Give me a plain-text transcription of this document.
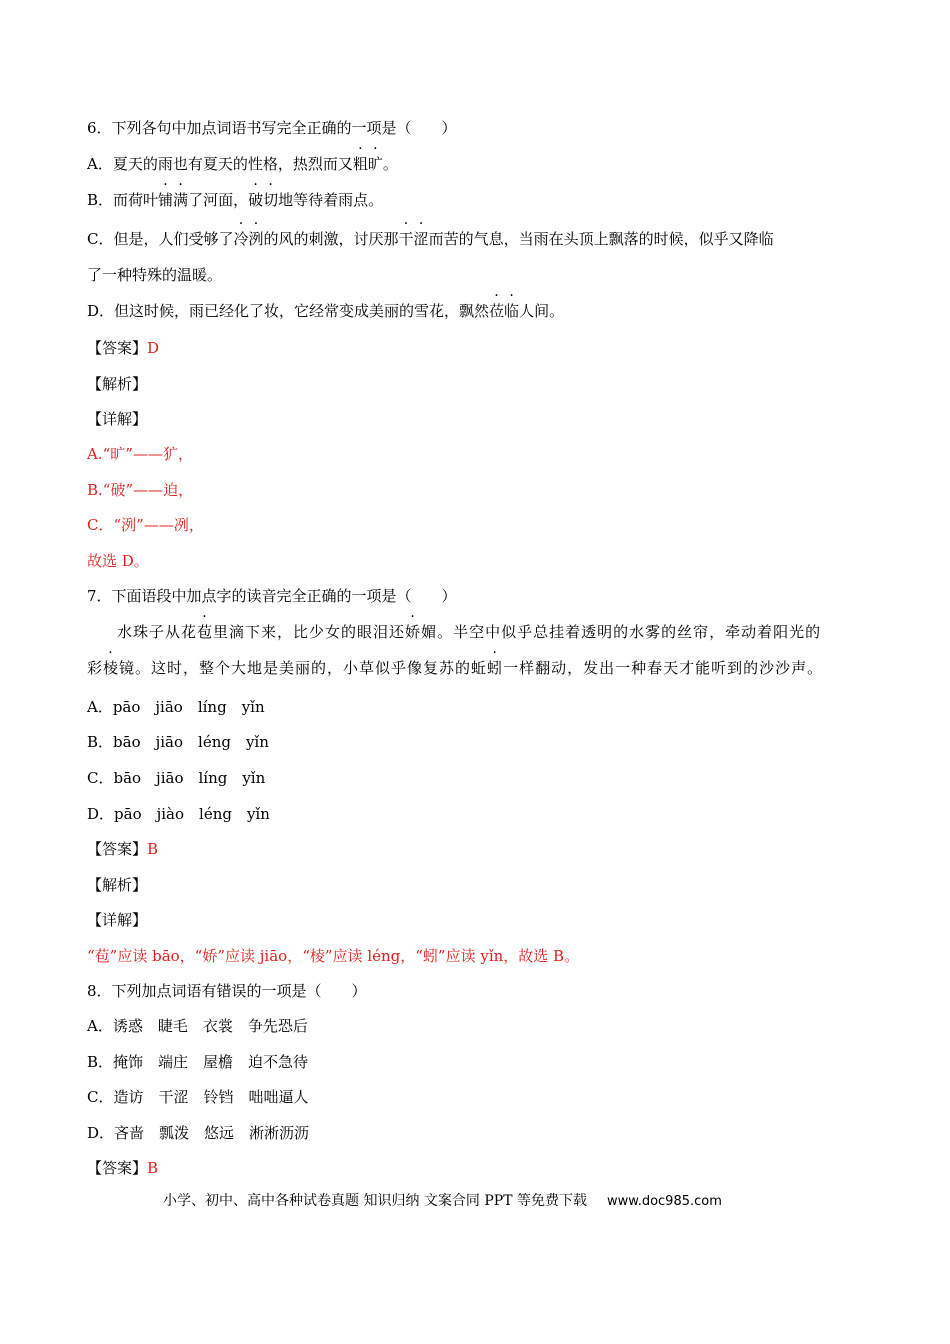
6．下列各句中加点词语书写完全正确的一项是（　　）
A．夏天的雨也有夏天的性格，热烈而又粗旷。
B．而荷叶铺满了河面，破切地等待着雨点。
C．但是，人们受够了冷洌的风的刺激，讨厌那干涩而苦的气息，当雨在头顶上飘落的时候，似乎又降临
了一种特殊的温暖。
D．但这时候，雨已经化了妆，它经常变成美丽的雪花，飘然莅临人间。
【答案】D
【解析】
【详解】
A.“旷”——犷，
B.“破”——迫，
C．“洌”——冽，
故选 D。
7．下面语段中加点字的读音完全正确的一项是（　　）
水珠子从花苞里滴下来，比少女的眼泪还娇媚。半空中似乎总挂着透明的水雾的丝帘，牵动着阳光的
彩棱镜。这时，整个大地是美丽的，小草似乎像复苏的蚯蚓一样翻动，发出一种春天才能听到的沙沙声。
A．pāo　jiāo　líng　yǐn
B．bāo　jiāo　léng　yǐn
C．bāo　jiāo　líng　yǐn
D．pāo　jiào　léng　yǐn
【答案】B
【解析】
【详解】
“苞”应读 bāo，“娇”应读 jiāo，“棱”应读 léng，“蚓”应读 yǐn，故选 B。
8．下列加点词语有错误的一项是（　　）
A．诱惑　睫毛　衣裳　争先恐后
B．掩饰　端庄　屋檐　迫不急待
C．造访　干涩　铃铛　咄咄逼人
D．吝啬　瓢泼　悠远　淅淅沥沥
【答案】B
小学、初中、高中各种试卷真题 知识归纳 文案合同 PPT 等免费下载 www.doc985.com
